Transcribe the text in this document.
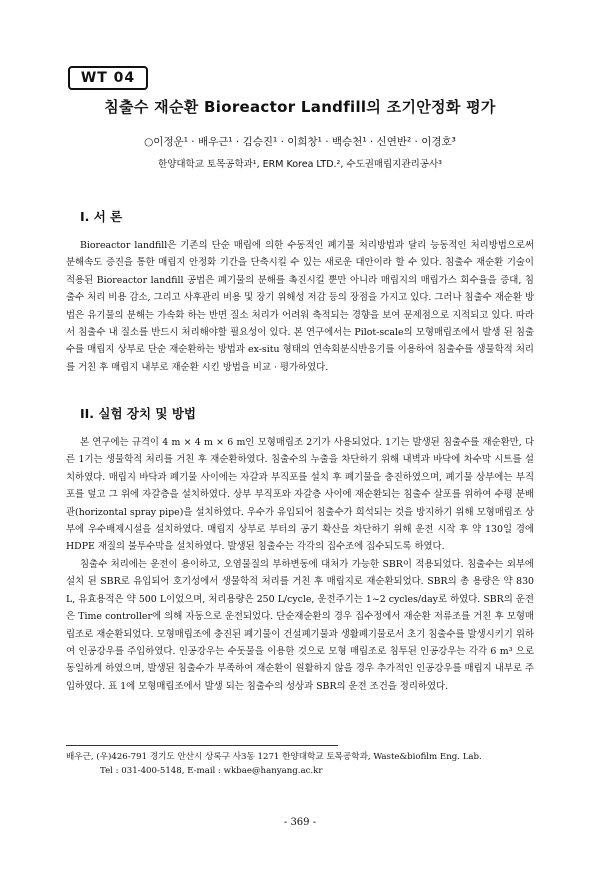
WT 04
침출수 재순환 Bioreactor Landfill의 조기안정화 평가
○이정운¹ · 배우근¹ · 김승진¹ · 이희창¹ · 백승천¹ · 신연반² · 이경호³
한양대학교 토목공학과¹, ERM Korea LTD.², 수도권매립지관리공사³
I. 서 론
Bioreactor landfill은 기존의 단순 매립에 의한 수동적인 폐기물 처리방법과 달리 능동적인 처리방법으로써 분해속도 증진을 통한 매립지 안정화 기간을 단축시킬 수 있는 새로운 대안이라 할 수 있다. 침출수 재순환 기술이 적용된 Bioreactor landfill 공법은 폐기물의 분해를 촉진시킬 뿐만 아니라 매립지의 매립가스 회수율을 증대, 침출수 처리 비용 감소, 그리고 사후관리 비용 및 장기 위해성 저감 등의 장점을 가지고 있다. 그러나 침출수 재순환 방법은 유기물의 분해는 가속화 하는 반면 질소 처리가 어려워 축적되는 경향을 보여 문제점으로 지적되고 있다. 따라서 침출수 내 질소를 반드시 처리해야할 필요성이 있다. 본 연구에서는 Pilot-scale의 모형매립조에서 발생 된 침출수를 매립지 상부로 단순 재순환하는 방법과 ex-situ 형태의 연속회분식반응기를 이용하여 침출수를 생물학적 처리를 거친 후 매립지 내부로 재순환 시킨 방법을 비교 · 평가하였다.
II. 실험 장치 및 방법
본 연구에는 규격이 4 m × 4 m × 6 m인 모형매립조 2기가 사용되었다. 1기는 발생된 침출수를 재순환만, 다른 1기는 생물학적 처리를 거친 후 재순환하였다. 침출수의 누출을 차단하기 위해 내벽과 바닥에 차수막 시트를 설치하였다. 매립지 바닥과 폐기물 사이에는 자갈과 부직포를 설치 후 폐기물을 충진하였으며, 폐기물 상부에는 부직포를 덮고 그 위에 자갈층을 설치하였다. 상부 부직포와 자갈층 사이에 재순환되는 침출수 살포를 위하여 수평 분배관(horizontal spray pipe)을 설치하였다. 우수가 유입되어 침출수가 희석되는 것을 방지하기 위해 모형매립조 상부에 우수배제시설을 설치하였다. 매립지 상부로 부터의 공기 확산을 차단하기 위해 운전 시작 후 약 130일 경에 HDPE 재질의 불투수막을 설치하였다. 발생된 침출수는 각각의 집수조에 집수되도록 하였다.
침출수 처리에는 운전이 용이하고, 오염물질의 부하변동에 대처가 가능한 SBR이 적용되었다. 침출수는 외부에 설치 된 SBR로 유입되어 호기성에서 생물학적 처리를 거친 후 매립지로 재순환되었다. SBR의 총 용량은 약 830 L, 유효용적은 약 500 L이었으며, 처리용량은 250 L/cycle, 운전주기는 1~2 cycles/day로 하였다. SBR의 운전은 Time controller에 의해 자동으로 운전되었다. 단순재순환의 경우 집수정에서 재순환 저류조를 거친 후 모형매립조로 재순환되었다. 모형매립조에 충진된 폐기물이 건설폐기물과 생활폐기물로서 초기 침출수를 발생시키기 위하여 인공강우를 주입하였다. 인공강우는 수돗물을 이용한 것으로 모형 매립조로 침투된 인공강우는 각각 6 m³ 으로 동일하게 하였으며, 발생된 침출수가 부족하여 재순환이 원활하지 않을 경우 추가적인 인공강우를 매립지 내부로 주입하였다. 표 1에 모형매립조에서 발생 되는 침출수의 성상과 SBR의 운전 조건을 정리하였다.
배우근, (우)426-791 경기도 안산시 상록구 사3동 1271 한양대학교 토목공학과, Waste&biofilm Eng. Lab.
Tel : 031-400-5148, E-mail : wkbae@hanyang.ac.kr
- 369 -
